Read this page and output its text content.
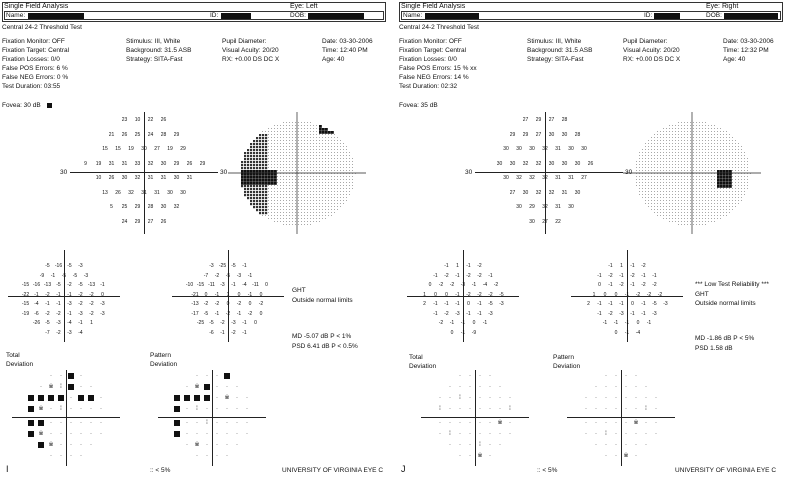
Single Field Analysis	Eye: Left
Name:	ID:	DOB:
Central 24-2 Threshold Test
Fixation Monitor: OFF
Fixation Target: Central
Fixation Losses: 0/0
False POS Errors: 6 %
False NEG Errors: 0 %
Test Duration: 03:55
Stimulus: III, White
Background: 31.5 ASB
Strategy: SITA-Fast
Pupil Diameter:
Visual Acuity: 20/20
RX: +0.00 DS DC X
Date: 03-30-2006
Time: 12:40 PM
Age: 40
Fovea: 30 dB
30	30
23	10	22	26
21	26	25	24	28	29
15	15	19	30	27	19	29
9	19	31	31	33	32	30	29	26	29
10	26	30	32	31	31	30	31
13	26	32	31	31	30	30
5	25	29	28	30	32
24	29	27	26
-5	-16	-5	-3
-9	-1	-5	-5	-3
-15 -16 -13	-5	-2	-5	-13	-1
-22	-1	-2	-1	-1	-2	-2	0
-15	-4	-1	-1	-3	-2	-2	-3
-19	-6	-2	-2	-1	-3	-2	-3
-26	-5	-3	-4	-1	1
-7	-2	-3	-4
-3	-25	-5	-1
-7	-2	-5	-3	-1
-10 -15 -11	-3	-1	-4	-11	0
-21	0	-1	1	0	-1	0
-13	-2	-2	0	-2	0	-2
-17	-5	-1	-2	-1	-2	0
-25	-5	-2	-3	-1	0
-6	-1	-2	-1
GHT
Outside normal limits
MD -5.07 dB P < 1%
PSD 6.41 dB P < 0.5%
Total
Deviation
Pattern
Deviation
·	·	·
·	※	⁞	·	·
·	·
※	·	⁞	·	·	·	·
·	·	·	·	·	·
※	·	·	·	·	·	·
※	·	·	·	·
·	·	·	·
·	·	·
·	※	·	·	·
·	※	·	·
·	⁞	·	·	·	·	·
·	·	⁞	·	·	·	·
·	·	·	·	·	·	·
·	※	·	·	·	·
·	·	·	·
I	:: < 5%	UNIVERSITY OF VIRGINIA EYE C
Single Field Analysis	Eye: Right
Name:	ID:	DOB:
Central 24-2 Threshold Test
Fixation Monitor: OFF
Fixation Target: Central
Fixation Losses: 0/0
False POS Errors: 15 % xx
False NEG Errors: 14 %
Test Duration: 02:32
Stimulus: III, White
Background: 31.5 ASB
Strategy: SITA-Fast
Pupil Diameter:
Visual Acuity: 20/20
RX: +0.00 DS DC X
Date: 03-30-2006
Time: 12:32 PM
Age: 40
Fovea: 35 dB
30	30
27	29	27	28
29	29	27	30	30	28
30	30	30	32	31	30	30
30	30	32	32	30	30	30	26
30	32	32	32	31	31	27
27	30	32	32	31	30
30	29	32	31	30
30	27	22
-1	1	-1	-2
-1	-2	-1	-2	-2	-1
0	-2	-2	-3	-1	-4	-2
1	0	0	-1	-2	-2	-2	-5
2	-1	-1	-1	0	-1	-5	-3
-1	-2	-3	-1	-1	-3
-2	-1	-1	0	-1
0	-1	-9
-1	1	-1	-2
-1	-2	-1	-2	-1	-1
0	-1	-2	-1	-2	-2
1	0	0	-1	-2	-2	-2
2	-1	-1	-1	0	-1	-5	-3
-1	-2	-3	-1	-1	-3
-1	-1	-1	0	-1
0	-1	-4
*** Low Test Reliability ***
GHT
Outside normal limits
MD -1.86 dB P < 5%
PSD 1.58 dB
Total
Deviation
Pattern
Deviation
·	·	·	·
·	·	·	·	·	·
·	·	⁞	·	·	·	·	·
⁞	·	·	·	·	·	·	⁞
·	·	·	·	·	·	※	·
·	⁞	·	·	·	·	·	·
·	·	·	⁞	·	·
·	·	※	·
·	·	·	·
·	·	·	·	·	·
·	·	·	·	·	·	·	·
·	·	·	·	·	·	⁞	·
·	·	·	·	·	※	·	·
·	·	⁞	·	·	·	·	·
·	·	·	·	·	·
·	·	※	·
J	:: < 5%	UNIVERSITY OF VIRGINIA EYE C
